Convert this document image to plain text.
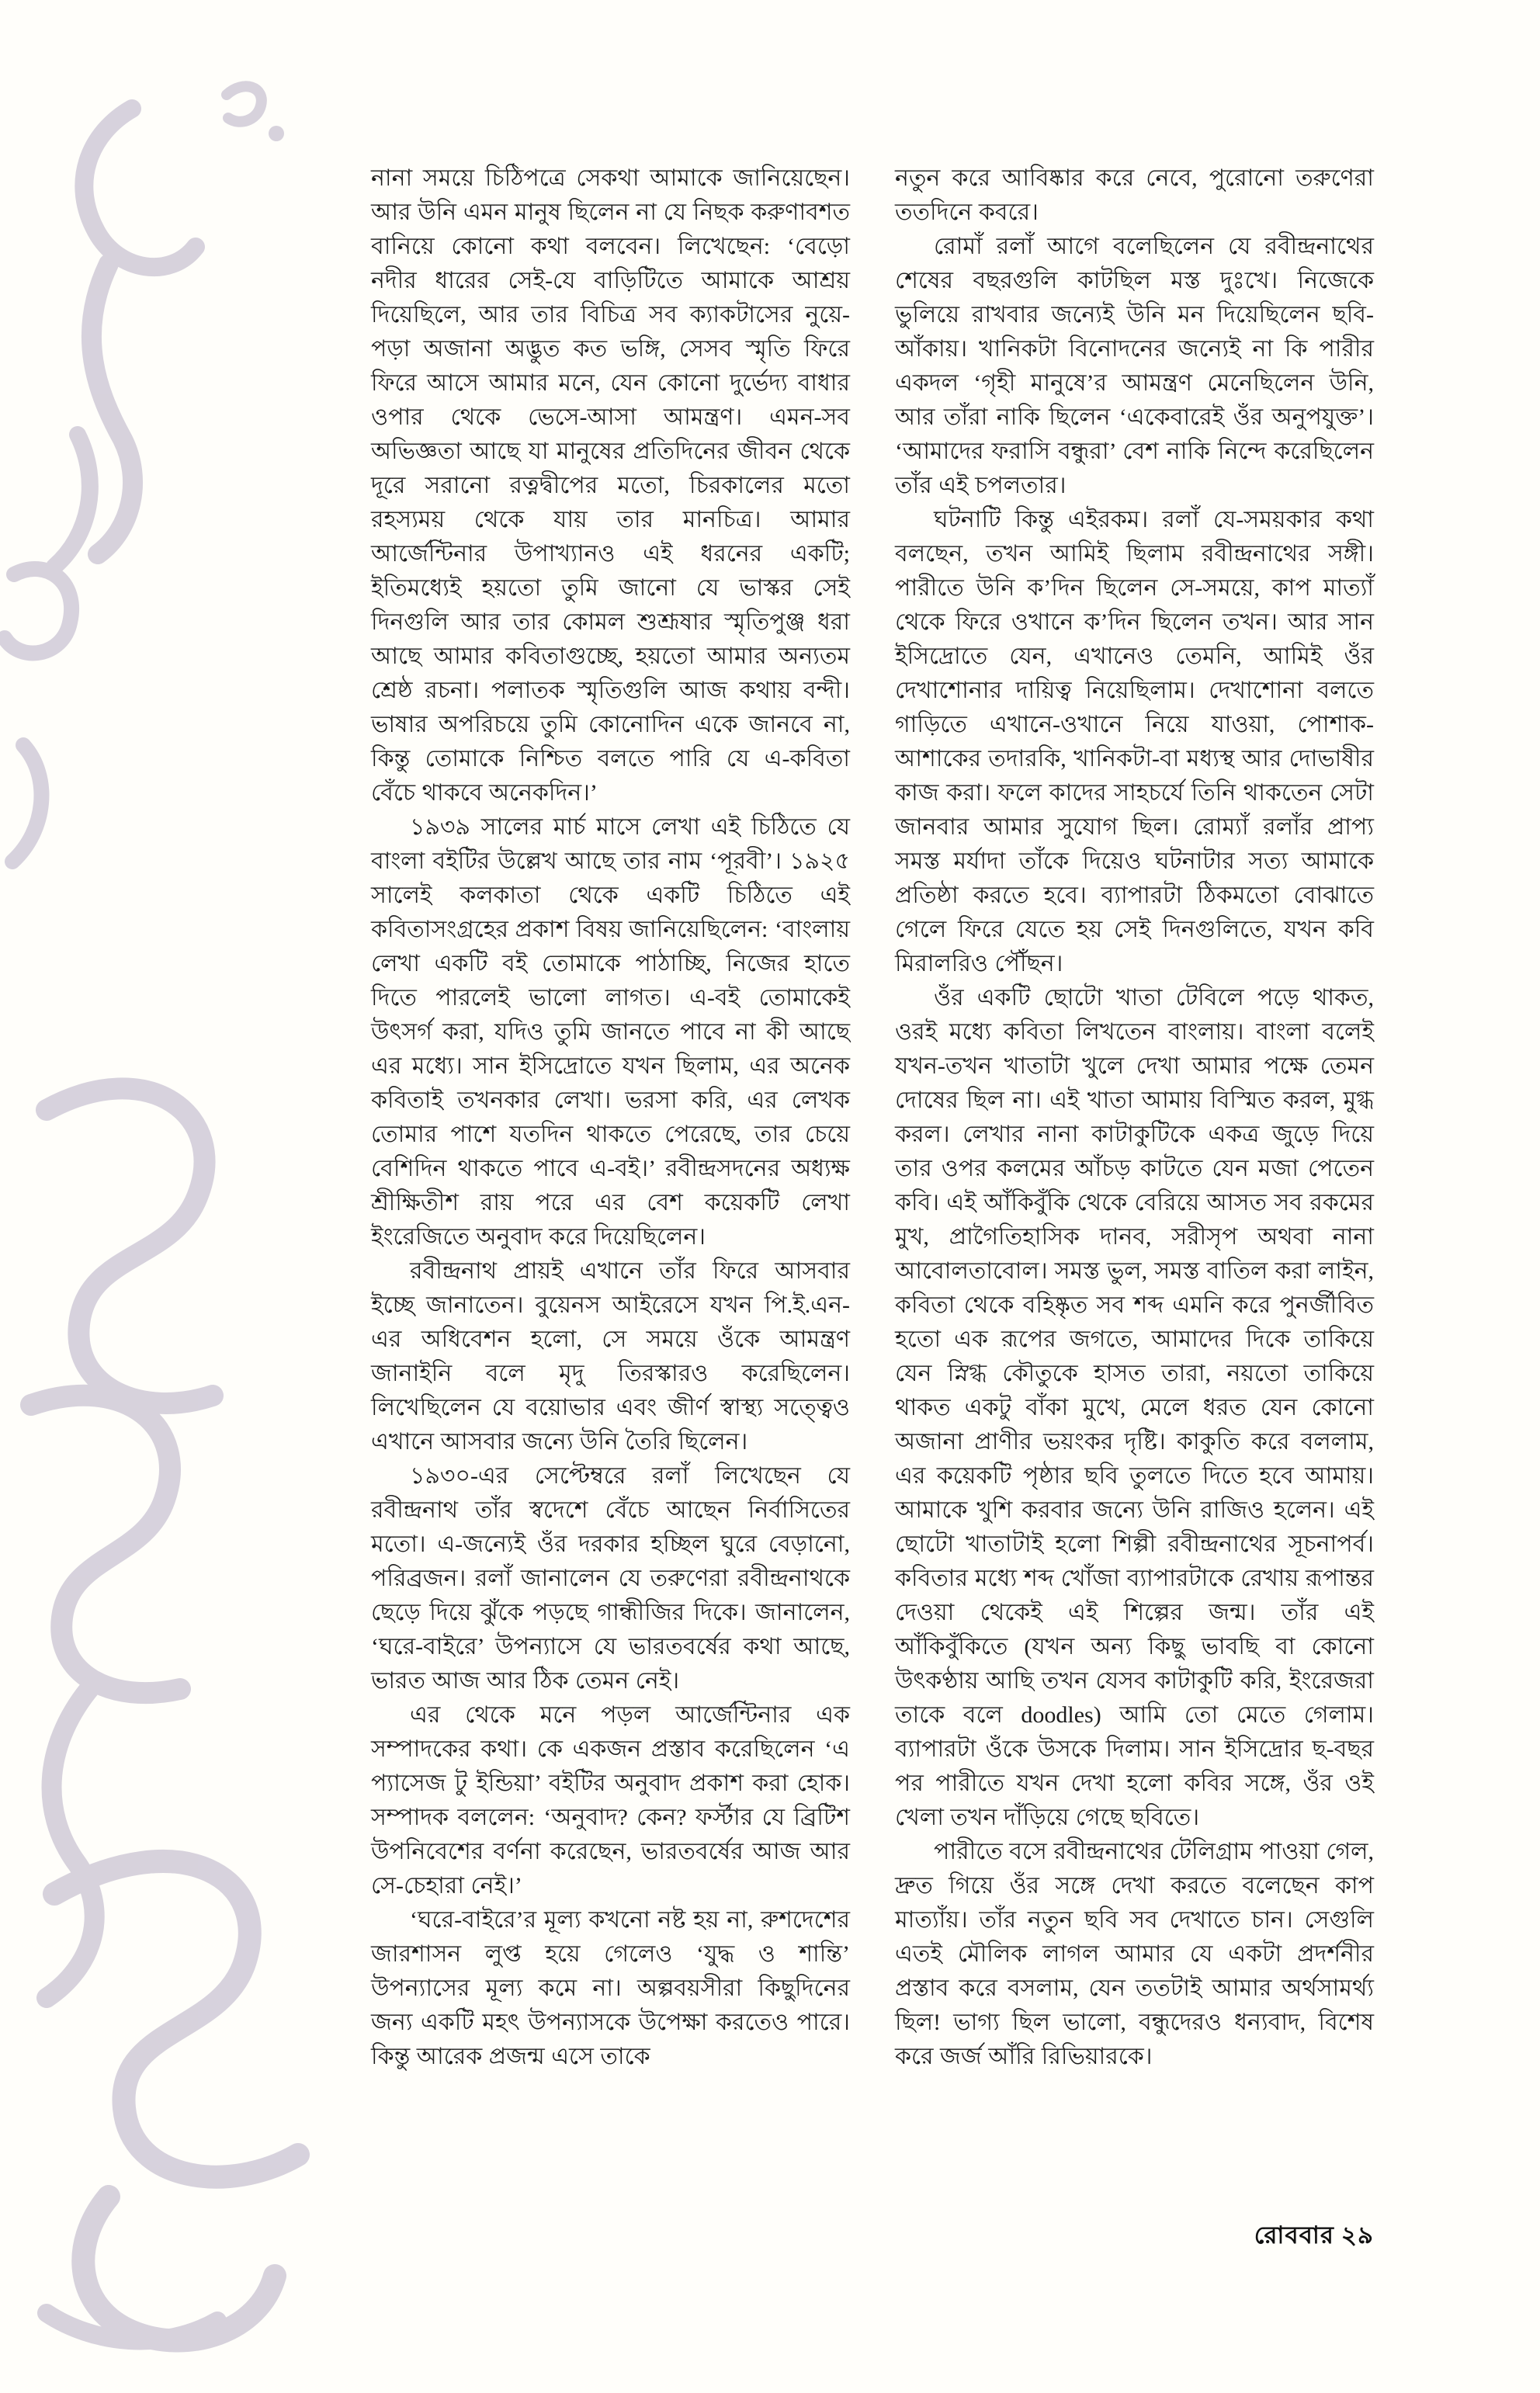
নানা সময়ে চিঠিপত্রে সেকথা আমাকে জানিয়েছেন। আর উনি এমন মানুষ ছিলেন না যে নিছক করুণাবশত বানিয়ে কোনো কথা বলবেন। লিখেছেন: ‘বেড়ো নদীর ধারের সেই-যে বাড়িটিতে আমাকে আশ্রয় দিয়েছিলে, আর তার বিচিত্র সব ক্যাকটাসের নুয়ে-পড়া অজানা অদ্ভুত কত ভঙ্গি, সেসব স্মৃতি ফিরে ফিরে আসে আমার মনে, যেন কোনো দুর্ভেদ্য বাধার ওপার থেকে ভেসে-আসা আমন্ত্রণ। এমন-সব অভিজ্ঞতা আছে যা মানুষের প্রতিদিনের জীবন থেকে দূরে সরানো রত্নদ্বীপের মতো, চিরকালের মতো রহস্যময় থেকে যায় তার মানচিত্র। আমার আর্জেন্টিনার উপাখ্যানও এই ধরনের একটি; ইতিমধ্যেই হয়তো তুমি জানো যে ভাস্কর সেই দিনগুলি আর তার কোমল শুশ্রূষার স্মৃতিপুঞ্জ ধরা আছে আমার কবিতাগুচ্ছে, হয়তো আমার অন্যতম শ্রেষ্ঠ রচনা। পলাতক স্মৃতিগুলি আজ কথায় বন্দী। ভাষার অপরিচয়ে তুমি কোনোদিন একে জানবে না, কিন্তু তোমাকে নিশ্চিত বলতে পারি যে এ-কবিতা বেঁচে থাকবে অনেকদিন।’

১৯৩৯ সালের মার্চ মাসে লেখা এই চিঠিতে যে বাংলা বইটির উল্লেখ আছে তার নাম ‘পূরবী’। ১৯২৫ সালেই কলকাতা থেকে একটি চিঠিতে এই কবিতাসংগ্রহের প্রকাশ বিষয় জানিয়েছিলেন: ‘বাংলায় লেখা একটি বই তোমাকে পাঠাচ্ছি, নিজের হাতে দিতে পারলেই ভালো লাগত। এ-বই তোমাকেই উৎসর্গ করা, যদিও তুমি জানতে পাবে না কী আছে এর মধ্যে। সান ইসিদ্রোতে যখন ছিলাম, এর অনেক কবিতাই তখনকার লেখা। ভরসা করি, এর লেখক তোমার পাশে যতদিন থাকতে পেরেছে, তার চেয়ে বেশিদিন থাকতে পাবে এ-বই।’ রবীন্দ্রসদনের অধ্যক্ষ শ্রীক্ষিতীশ রায় পরে এর বেশ কয়েকটি লেখা ইংরেজিতে অনুবাদ করে দিয়েছিলেন।

রবীন্দ্রনাথ প্রায়ই এখানে তাঁর ফিরে আসবার ইচ্ছে জানাতেন। বুয়েনস আইরেসে যখন পি.ই.এন-এর অধিবেশন হলো, সে সময়ে ওঁকে আমন্ত্রণ জানাইনি বলে মৃদু তিরস্কারও করেছিলেন। লিখেছিলেন যে বয়োভার এবং জীর্ণ স্বাস্থ্য সত্ত্বেও এখানে আসবার জন্যে উনি তৈরি ছিলেন।

১৯৩০-এর সেপ্টেম্বরে রলাঁ লিখেছেন যে রবীন্দ্রনাথ তাঁর স্বদেশে বেঁচে আছেন নির্বাসিতের মতো। এ-জন্যেই ওঁর দরকার হচ্ছিল ঘুরে বেড়ানো, পরিব্রজন। রলাঁ জানালেন যে তরুণেরা রবীন্দ্রনাথকে ছেড়ে দিয়ে ঝুঁকে পড়ছে গান্ধীজির দিকে। জানালেন, ‘ঘরে-বাইরে’ উপন্যাসে যে ভারতবর্ষের কথা আছে, ভারত আজ আর ঠিক তেমন নেই।

এর থেকে মনে পড়ল আর্জেন্টিনার এক সম্পাদকের কথা। কে একজন প্রস্তাব করেছিলেন ‘এ প্যাসেজ টু ইন্ডিয়া’ বইটির অনুবাদ প্রকাশ করা হোক। সম্পাদক বললেন: ‘অনুবাদ? কেন? ফর্স্টার যে ব্রিটিশ উপনিবেশের বর্ণনা করেছেন, ভারতবর্ষের আজ আর সে-চেহারা নেই।’

‘ঘরে-বাইরে’র মূল্য কখনো নষ্ট হয় না, রুশদেশের জারশাসন লুপ্ত হয়ে গেলেও ‘যুদ্ধ ও শান্তি’ উপন্যাসের মূল্য কমে না। অল্পবয়সীরা কিছুদিনের জন্য একটি মহৎ উপন্যাসকে উপেক্ষা করতেও পারে। কিন্তু আরেক প্রজন্ম এসে তাকে

নতুন করে আবিষ্কার করে নেবে, পুরোনো তরুণেরা ততদিনে কবরে।

রোমাঁ রলাঁ আগে বলেছিলেন যে রবীন্দ্রনাথের শেষের বছরগুলি কাটছিল মস্ত দুঃখে। নিজেকে ভুলিয়ে রাখবার জন্যেই উনি মন দিয়েছিলেন ছবি-আঁকায়। খানিকটা বিনোদনের জন্যেই না কি পারীর একদল ‘গৃহী মানুষে’র আমন্ত্রণ মেনেছিলেন উনি, আর তাঁরা নাকি ছিলেন ‘একেবারেই ওঁর অনুপযুক্ত’। ‘আমাদের ফরাসি বন্ধুরা’ বেশ নাকি নিন্দে করেছিলেন তাঁর এই চপলতার।

ঘটনাটি কিন্তু এইরকম। রলাঁ যে-সময়কার কথা বলছেন, তখন আমিই ছিলাম রবীন্দ্রনাথের সঙ্গী। পারীতে উনি ক’দিন ছিলেন সে-সময়ে, কাপ মাত্যাঁ থেকে ফিরে ওখানে ক’দিন ছিলেন তখন। আর সান ইসিদ্রোতে যেন, এখানেও তেমনি, আমিই ওঁর দেখাশোনার দায়িত্ব নিয়েছিলাম। দেখাশোনা বলতে গাড়িতে এখানে-ওখানে নিয়ে যাওয়া, পোশাক-আশাকের তদারকি, খানিকটা-বা মধ্যস্থ আর দোভাষীর কাজ করা। ফলে কাদের সাহচর্যে তিনি থাকতেন সেটা জানবার আমার সুযোগ ছিল। রোম্যাঁ রলাঁর প্রাপ্য সমস্ত মর্যাদা তাঁকে দিয়েও ঘটনাটার সত্য আমাকে প্রতিষ্ঠা করতে হবে। ব্যাপারটা ঠিকমতো বোঝাতে গেলে ফিরে যেতে হয় সেই দিনগুলিতে, যখন কবি মিরালরিও পৌঁছন।

ওঁর একটি ছোটো খাতা টেবিলে পড়ে থাকত, ওরই মধ্যে কবিতা লিখতেন বাংলায়। বাংলা বলেই যখন-তখন খাতাটা খুলে দেখা আমার পক্ষে তেমন দোষের ছিল না। এই খাতা আমায় বিস্মিত করল, মুগ্ধ করল। লেখার নানা কাটাকুটিকে একত্র জুড়ে দিয়ে তার ওপর কলমের আঁচড় কাটতে যেন মজা পেতেন কবি। এই আঁকিবুঁকি থেকে বেরিয়ে আসত সব রকমের মুখ, প্রাগৈতিহাসিক দানব, সরীসৃপ অথবা নানা আবোলতাবোল। সমস্ত ভুল, সমস্ত বাতিল করা লাইন, কবিতা থেকে বহিষ্কৃত সব শব্দ এমনি করে পুনর্জীবিত হতো এক রূপের জগতে, আমাদের দিকে তাকিয়ে যেন স্নিগ্ধ কৌতুকে হাসত তারা, নয়তো তাকিয়ে থাকত একটু বাঁকা মুখে, মেলে ধরত যেন কোনো অজানা প্রাণীর ভয়ংকর দৃষ্টি। কাকুতি করে বললাম, এর কয়েকটি পৃষ্ঠার ছবি তুলতে দিতে হবে আমায়। আমাকে খুশি করবার জন্যে উনি রাজিও হলেন। এই ছোটো খাতাটাই হলো শিল্পী রবীন্দ্রনাথের সূচনাপর্ব। কবিতার মধ্যে শব্দ খোঁজা ব্যাপারটাকে রেখায় রূপান্তর দেওয়া থেকেই এই শিল্পের জন্ম। তাঁর এই আঁকিবুঁকিতে (যখন অন্য কিছু ভাবছি বা কোনো উৎকণ্ঠায় আছি তখন যেসব কাটাকুটি করি, ইংরেজরা তাকে বলে doodles) আমি তো মেতে গেলাম। ব্যাপারটা ওঁকে উসকে দিলাম। সান ইসিদ্রোর ছ-বছর পর পারীতে যখন দেখা হলো কবির সঙ্গে, ওঁর ওই খেলা তখন দাঁড়িয়ে গেছে ছবিতে।

পারীতে বসে রবীন্দ্রনাথের টেলিগ্রাম পাওয়া গেল, দ্রুত গিয়ে ওঁর সঙ্গে দেখা করতে বলেছেন কাপ মাত্যাঁয়। তাঁর নতুন ছবি সব দেখাতে চান। সেগুলি এতই মৌলিক লাগল আমার যে একটা প্রদর্শনীর প্রস্তাব করে বসলাম, যেন ততটাই আমার অর্থসামর্থ্য ছিল! ভাগ্য ছিল ভালো, বন্ধুদেরও ধন্যবাদ, বিশেষ করে জর্জ আঁরি রিভিয়ারকে।

রোববার ২৯
